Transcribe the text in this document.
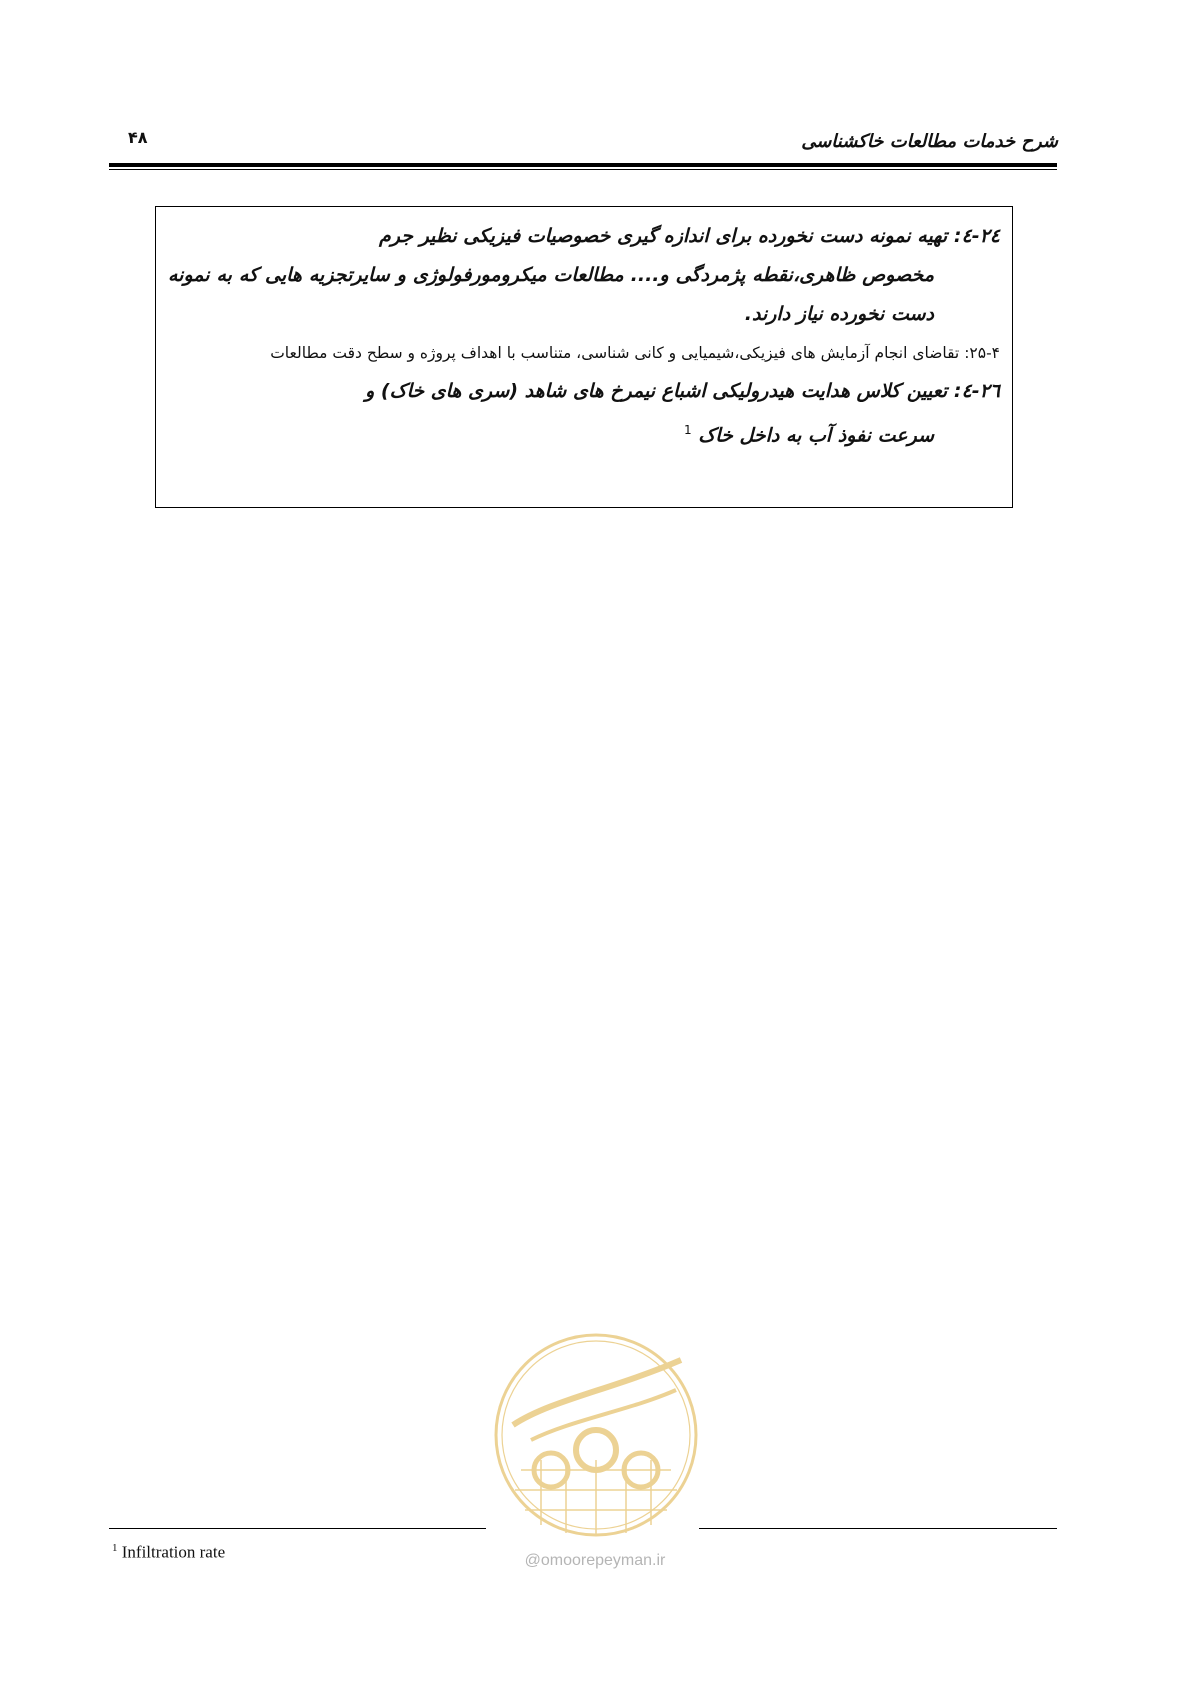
۴۸	شرح خدمات مطالعات خاکشناسی
۲٤-٤: تهیه نمونه دست نخورده برای اندازه گیری خصوصیات فیزیکی نظیر جرم
مخصوص ظاهری،نقطه پژمردگی و.... مطالعات میکرومورفولوژی و سایرتجزیه هایی که به نمونه دست نخورده نیاز دارند.
۲۵-۴: تقاضای انجام آزمایش های فیزیکی،شیمیایی و کانی شناسی، متناسب با اهداف پروژه و سطح دقت مطالعات
۲٦-٤: تعیین کلاس هدایت هیدرولیکی اشباع نیمرخ های شاهد (سری های خاک) و
سرعت نفوذ آب به داخل خاک $^1$
@omoorepeyman.ir
$^1$ Infiltration rate
